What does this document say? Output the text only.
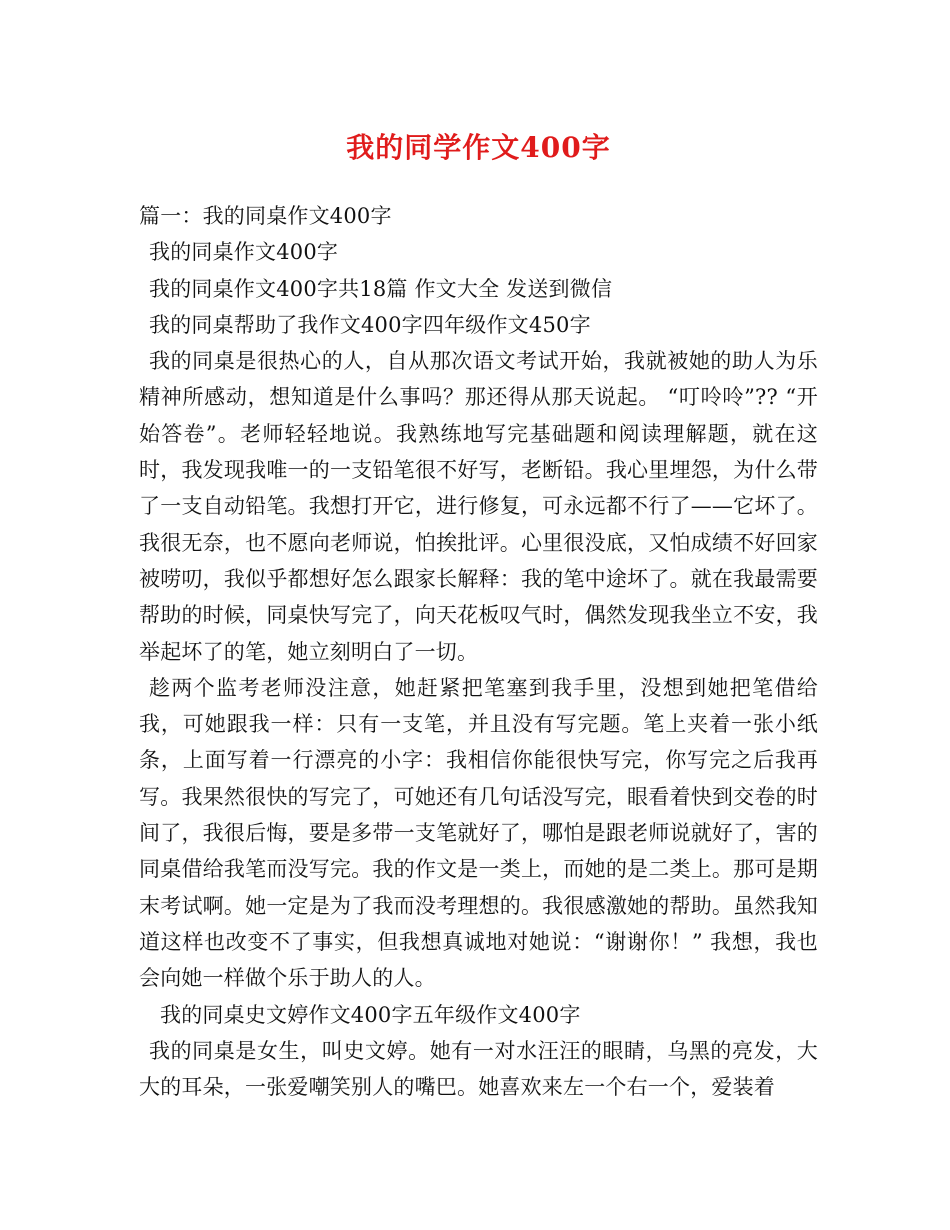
我的同学作文400字

篇一：我的同桌作文400字

我的同桌作文400字

我的同桌作文400字共18篇 作文大全 发送到微信

我的同桌帮助了我作文400字四年级作文450字

我的同桌是很热心的人，自从那次语文考试开始，我就被她的助人为乐精神所感动，想知道是什么事吗？那还得从那天说起。 “叮呤呤”?? “开始答卷”。老师轻轻地说。我熟练地写完基础题和阅读理解题，就在这时，我发现我唯一的一支铅笔很不好写，老断铅。我心里埋怨，为什么带了一支自动铅笔。我想打开它，进行修复，可永远都不行了——它坏了。我很无奈，也不愿向老师说，怕挨批评。心里很没底，又怕成绩不好回家被唠叨，我似乎都想好怎么跟家长解释：我的笔中途坏了。就在我最需要帮助的时候，同桌快写完了，向天花板叹气时，偶然发现我坐立不安，我举起坏了的笔，她立刻明白了一切。

趁两个监考老师没注意，她赶紧把笔塞到我手里，没想到她把笔借给我，可她跟我一样：只有一支笔，并且没有写完题。笔上夹着一张小纸条，上面写着一行漂亮的小字：我相信你能很快写完，你写完之后我再写。我果然很快的写完了，可她还有几句话没写完，眼看着快到交卷的时间了，我很后悔，要是多带一支笔就好了，哪怕是跟老师说就好了，害的同桌借给我笔而没写完。我的作文是一类上，而她的是二类上。那可是期末考试啊。她一定是为了我而没考理想的。我很感激她的帮助。虽然我知道这样也改变不了事实，但我想真诚地对她说：“谢谢你！” 我想，我也会向她一样做个乐于助人的人。

我的同桌史文婷作文400字五年级作文400字

我的同桌是女生，叫史文婷。她有一对水汪汪的眼睛，乌黑的亮发，大大的耳朵，一张爱嘲笑别人的嘴巴。她喜欢来左一个右一个，爱装着
